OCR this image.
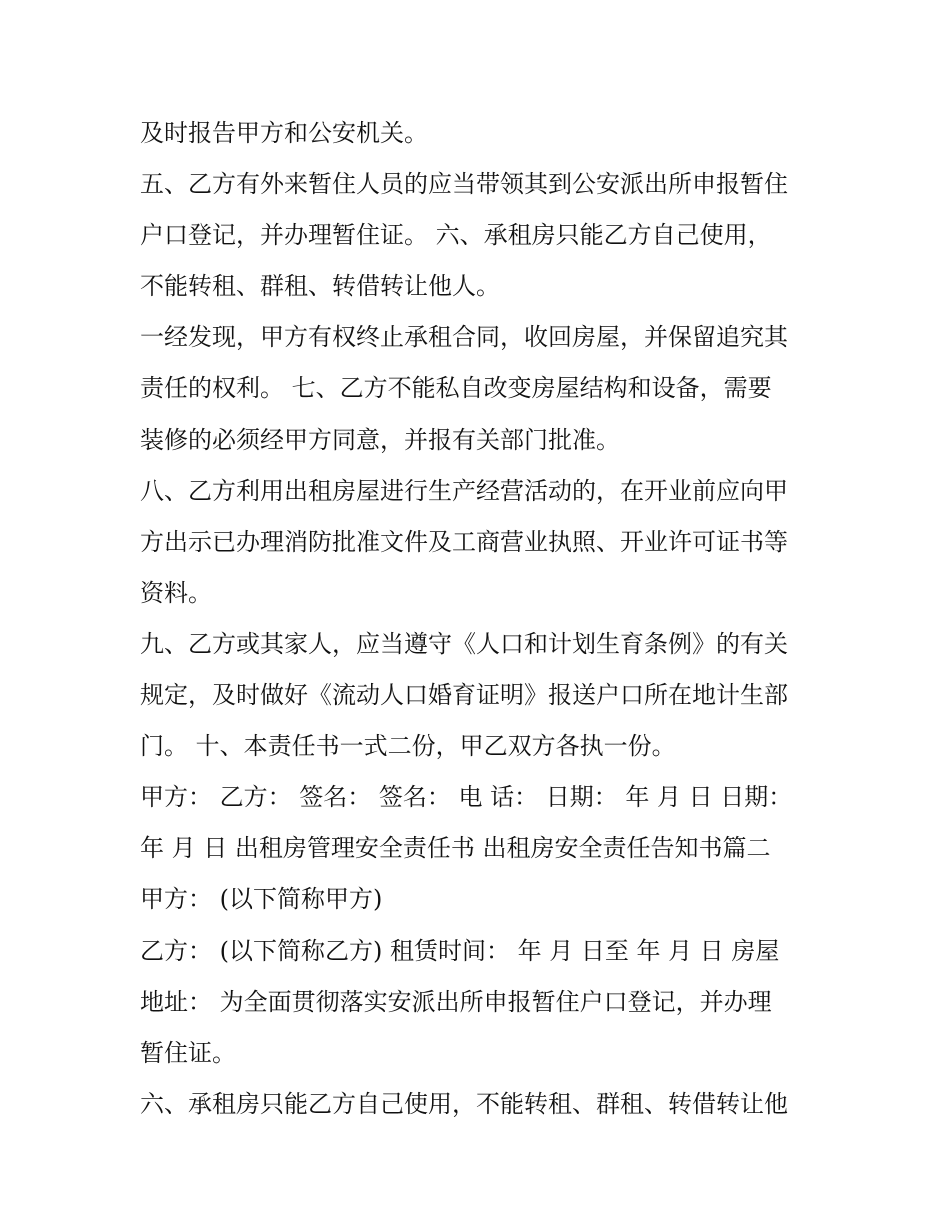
及时报告甲方和公安机关。
五、乙方有外来暂住人员的应当带领其到公安派出所申报暂住
户口登记，并办理暂住证。 六、承租房只能乙方自己使用，
不能转租、群租、转借转让他人。
一经发现，甲方有权终止承租合同，收回房屋，并保留追究其
责任的权利。 七、乙方不能私自改变房屋结构和设备，需要
装修的必须经甲方同意，并报有关部门批准。
八、乙方利用出租房屋进行生产经营活动的，在开业前应向甲
方出示已办理消防批准文件及工商营业执照、开业许可证书等
资料。
九、乙方或其家人，应当遵守《人口和计划生育条例》的有关
规定，及时做好《流动人口婚育证明》报送户口所在地计生部
门。 十、本责任书一式二份，甲乙双方各执一份。
甲方： 乙方： 签名： 签名： 电 话： 日期： 年 月 日 日期：
年 月 日 出租房管理安全责任书 出租房安全责任告知书篇二
甲方： (以下简称甲方)
乙方： (以下简称乙方) 租赁时间： 年 月 日至 年 月 日 房屋
地址： 为全面贯彻落实安派出所申报暂住户口登记，并办理
暂住证。
六、承租房只能乙方自己使用，不能转租、群租、转借转让他
